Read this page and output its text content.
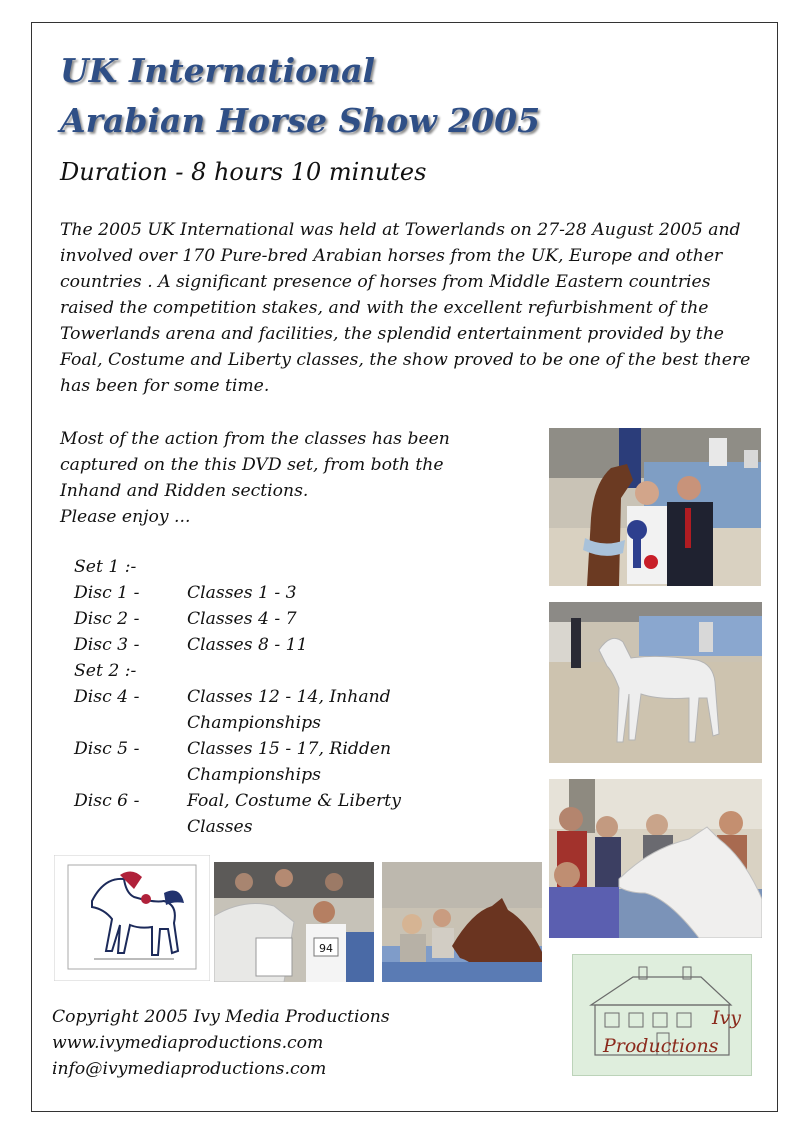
UK International
Arabian Horse Show 2005
Duration - 8 hours 10 minutes

The 2005 UK International was held at Towerlands on 27-28 August 2005 and involved over 170 Pure-bred Arabian horses from the UK, Europe and other countries . A significant presence of horses from Middle Eastern countries raised the competition stakes, and with the excellent refurbishment of the Towerlands arena and facilities, the splendid entertainment provided by the Foal, Costume and Liberty classes, the show proved to be one of the best there has been for some time.

Most of the action from the classes has been
captured on the this DVD set, from both the
Inhand and Ridden sections.
Please enjoy ...
Set 1 :-
Disc 1 -	Classes 1 - 3
Disc 2 -	Classes 4 - 7
Disc 3 -	Classes 8 - 11
Set 2 :-
Disc 4 -	Classes 12 - 14, Inhand
Championships
Disc 5 -	Classes 15 - 17, Ridden
Championships
Disc 6 -	Foal, Costume & Liberty
Classes
94
Copyright 2005 Ivy Media Productions
www.ivymediaproductions.com
info@ivymediaproductions.com
Ivy
Productions
